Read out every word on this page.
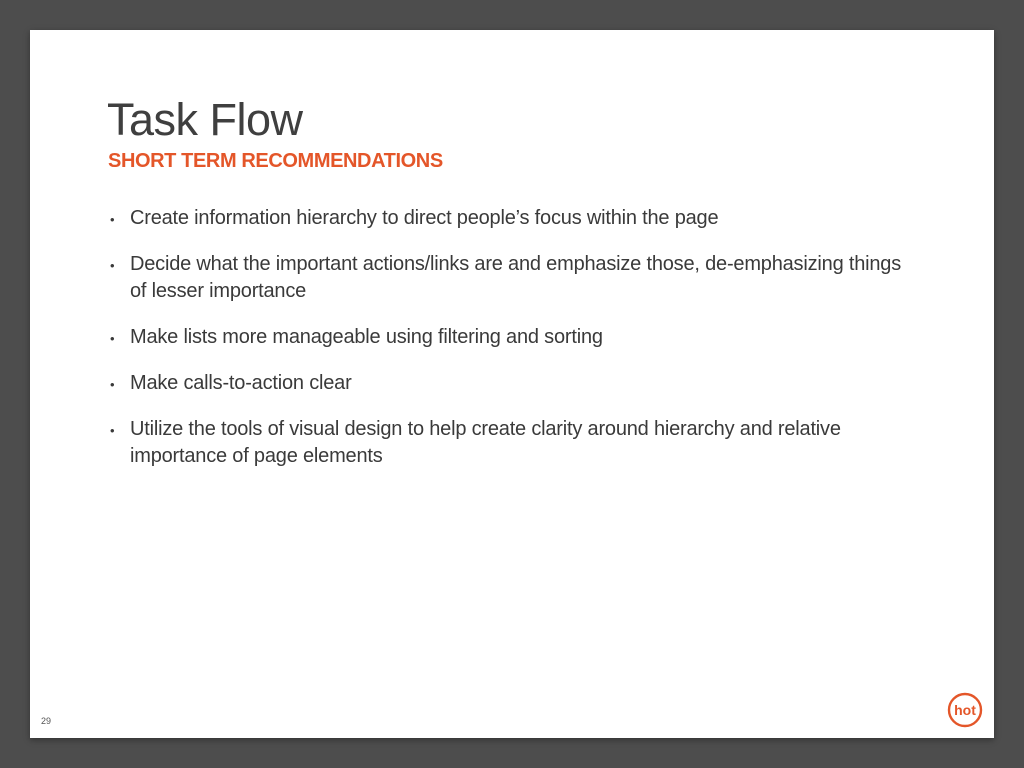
Task Flow
SHORT TERM RECOMMENDATIONS
• Create information hierarchy to direct people’s focus within the page
• Decide what the important actions/links are and emphasize those, de-emphasizing things of lesser importance
• Make lists more manageable using filtering and sorting
• Make calls-to-action clear
• Utilize the tools of visual design to help create clarity around hierarchy and relative importance of page elements
29
hot
